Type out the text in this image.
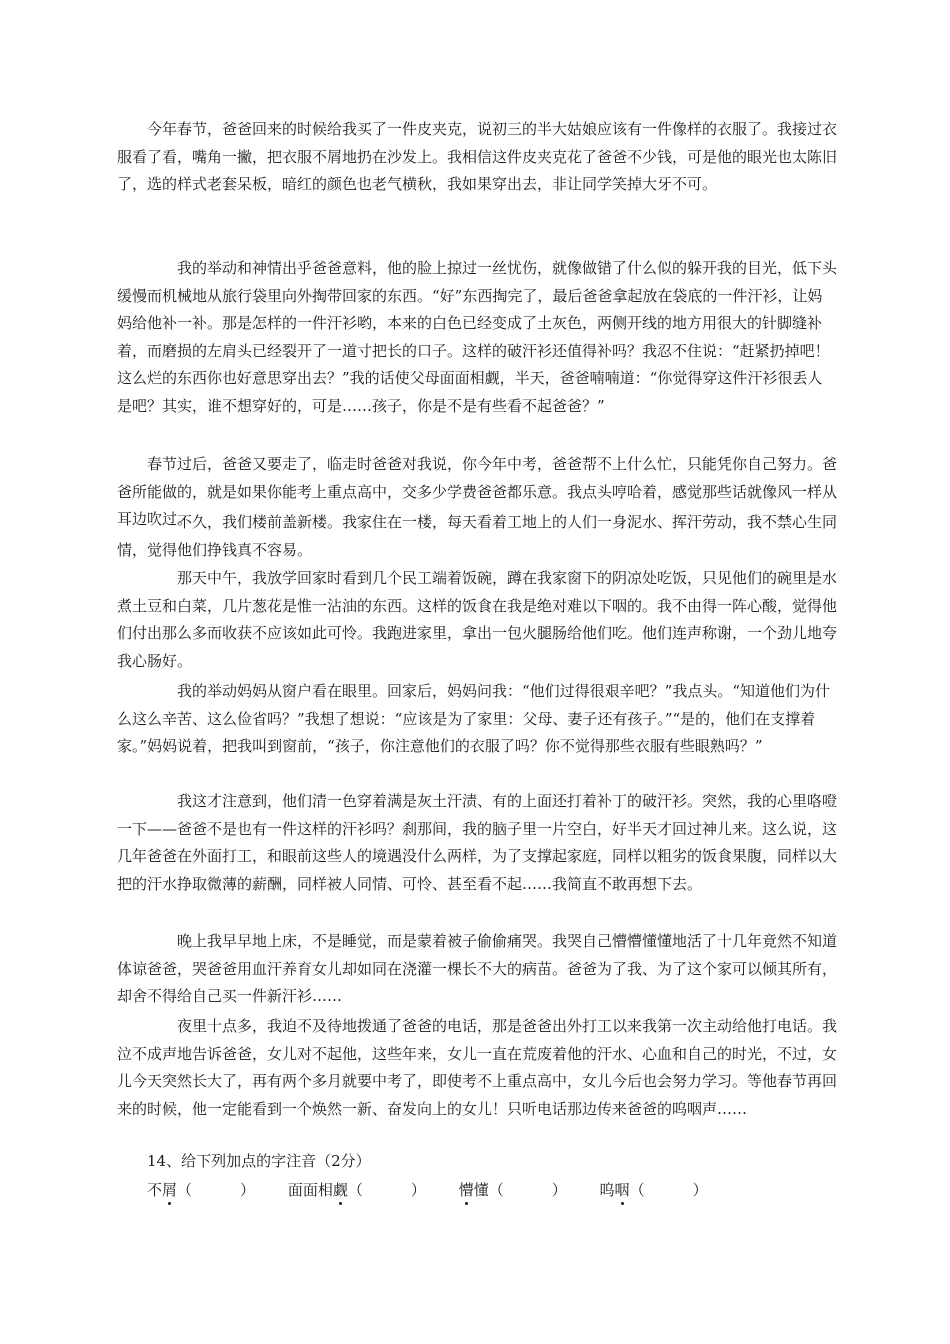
今年春节，爸爸回来的时候给我买了一件皮夹克，说初三的半大姑娘应该有一件像样的衣服了。我接过衣服看了看，嘴角一撇，把衣服不屑地扔在沙发上。我相信这件皮夹克花了爸爸不少钱，可是他的眼光也太陈旧了，选的样式老套呆板，暗红的颜色也老气横秋，我如果穿出去，非让同学笑掉大牙不可。

我的举动和神情出乎爸爸意料，他的脸上掠过一丝忧伤，就像做错了什么似的躲开我的目光，低下头缓慢而机械地从旅行袋里向外掏带回家的东西。“好”东西掏完了，最后爸爸拿起放在袋底的一件汗衫，让妈妈给他补一补。那是怎样的一件汗衫哟，本来的白色已经变成了土灰色，两侧开线的地方用很大的针脚缝补着，而磨损的左肩头已经裂开了一道寸把长的口子。这样的破汗衫还值得补吗？我忍不住说：“赶紧扔掉吧！这么烂的东西你也好意思穿出去？”我的话使父母面面相觑，半天，爸爸喃喃道：“你觉得穿这件汗衫很丢人是吧？其实，谁不想穿好的，可是……孩子，你是不是有些看不起爸爸？”

春节过后，爸爸又要走了，临走时爸爸对我说，你今年中考，爸爸帮不上什么忙，只能凭你自己努力。爸爸所能做的，就是如果你能考上重点高中，交多少学费爸爸都乐意。我点头哼哈着，感觉那些话就像风一样从耳边吹过。

不久，我们楼前盖新楼。我家住在一楼，每天看着工地上的人们一身泥水、挥汗劳动，我不禁心生同情，觉得他们挣钱真不容易。

那天中午，我放学回家时看到几个民工端着饭碗，蹲在我家窗下的阴凉处吃饭，只见他们的碗里是水煮土豆和白菜，几片葱花是惟一沾油的东西。这样的饭食在我是绝对难以下咽的。我不由得一阵心酸，觉得他们付出那么多而收获不应该如此可怜。我跑进家里，拿出一包火腿肠给他们吃。他们连声称谢，一个劲儿地夸我心肠好。

我的举动妈妈从窗户看在眼里。回家后，妈妈问我：“他们过得很艰辛吧？”我点头。“知道他们为什么这么辛苦、这么俭省吗？”我想了想说：“应该是为了家里：父母、妻子还有孩子。”“是的，他们在支撑着家。”妈妈说着，把我叫到窗前，“孩子，你注意他们的衣服了吗？你不觉得那些衣服有些眼熟吗？”

我这才注意到，他们清一色穿着满是灰土汗渍、有的上面还打着补丁的破汗衫。突然，我的心里咯噔一下——爸爸不是也有一件这样的汗衫吗？刹那间，我的脑子里一片空白，好半天才回过神儿来。这么说，这几年爸爸在外面打工，和眼前这些人的境遇没什么两样，为了支撑起家庭，同样以粗劣的饭食果腹，同样以大把的汗水挣取微薄的薪酬，同样被人同情、可怜、甚至看不起……我简直不敢再想下去。

晚上我早早地上床，不是睡觉，而是蒙着被子偷偷痛哭。我哭自己懵懵懂懂地活了十几年竟然不知道体谅爸爸，哭爸爸用血汗养育女儿却如同在浇灌一棵长不大的病苗。爸爸为了我、为了这个家可以倾其所有，却舍不得给自己买一件新汗衫……

夜里十点多，我迫不及待地拨通了爸爸的电话，那是爸爸出外打工以来我第一次主动给他打电话。我泣不成声地告诉爸爸，女儿对不起他，这些年来，女儿一直在荒废着他的汗水、心血和自己的时光，不过，女儿今天突然长大了，再有两个多月就要中考了，即使考不上重点高中，女儿今后也会努力学习。等他春节再回来的时候，他一定能看到一个焕然一新、奋发向上的女儿！只听电话那边传来爸爸的呜咽声……

14、给下列加点的字注音（2分）

不屑（	） 面面相觑（	） 懵懂（	） 呜咽（	）
